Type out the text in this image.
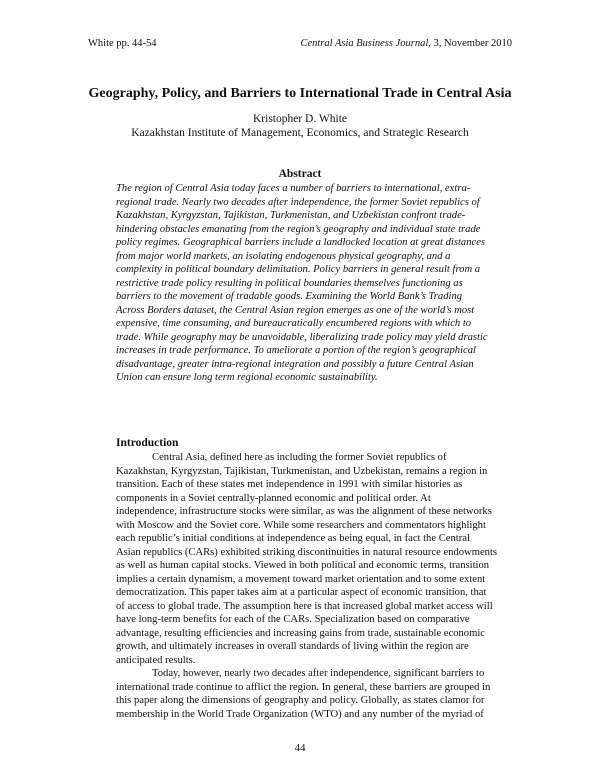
White pp. 44-54	Central Asia Business Journal, 3, November 2010
Geography, Policy, and Barriers to International Trade in Central Asia
Kristopher D. White
Kazakhstan Institute of Management, Economics, and Strategic Research
Abstract
The region of Central Asia today faces a number of barriers to international, extra-
regional trade. Nearly two decades after independence, the former Soviet republics of
Kazakhstan, Kyrgyzstan, Tajikistan, Turkmenistan, and Uzbekistan confront trade-
hindering obstacles emanating from the region’s geography and individual state trade
policy regimes. Geographical barriers include a landlocked location at great distances
from major world markets, an isolating endogenous physical geography, and a
complexity in political boundary delimitation. Policy barriers in general result from a
restrictive trade policy resulting in political boundaries themselves functioning as
barriers to the movement of tradable goods. Examining the World Bank’s Trading
Across Borders dataset, the Central Asian region emerges as one of the world’s most
expensive, time consuming, and bureaucratically encumbered regions with which to
trade. While geography may be unavoidable, liberalizing trade policy may yield drastic
increases in trade performance. To ameliorate a portion of the region’s geographical
disadvantage, greater intra-regional integration and possibly a future Central Asian
Union can ensure long term regional economic sustainability.
Introduction
Central Asia, defined here as including the former Soviet republics of
Kazakhstan, Kyrgyzstan, Tajikistan, Turkmenistan, and Uzbekistan, remains a region in
transition. Each of these states met independence in 1991 with similar histories as
components in a Soviet centrally-planned economic and political order. At
independence, infrastructure stocks were similar, as was the alignment of these networks
with Moscow and the Soviet core. While some researchers and commentators highlight
each republic’s initial conditions at independence as being equal, in fact the Central
Asian republics (CARs) exhibited striking discontinuities in natural resource endowments
as well as human capital stocks. Viewed in both political and economic terms, transition
implies a certain dynamism, a movement toward market orientation and to some extent
democratization. This paper takes aim at a particular aspect of economic transition, that
of access to global trade. The assumption here is that increased global market access will
have long-term benefits for each of the CARs. Specialization based on comparative
advantage, resulting efficiencies and increasing gains from trade, sustainable economic
growth, and ultimately increases in overall standards of living within the region are
anticipated results.
Today, however, nearly two decades after independence, significant barriers to
international trade continue to afflict the region. In general, these barriers are grouped in
this paper along the dimensions of geography and policy. Globally, as states clamor for
membership in the World Trade Organization (WTO) and any number of the myriad of
44
